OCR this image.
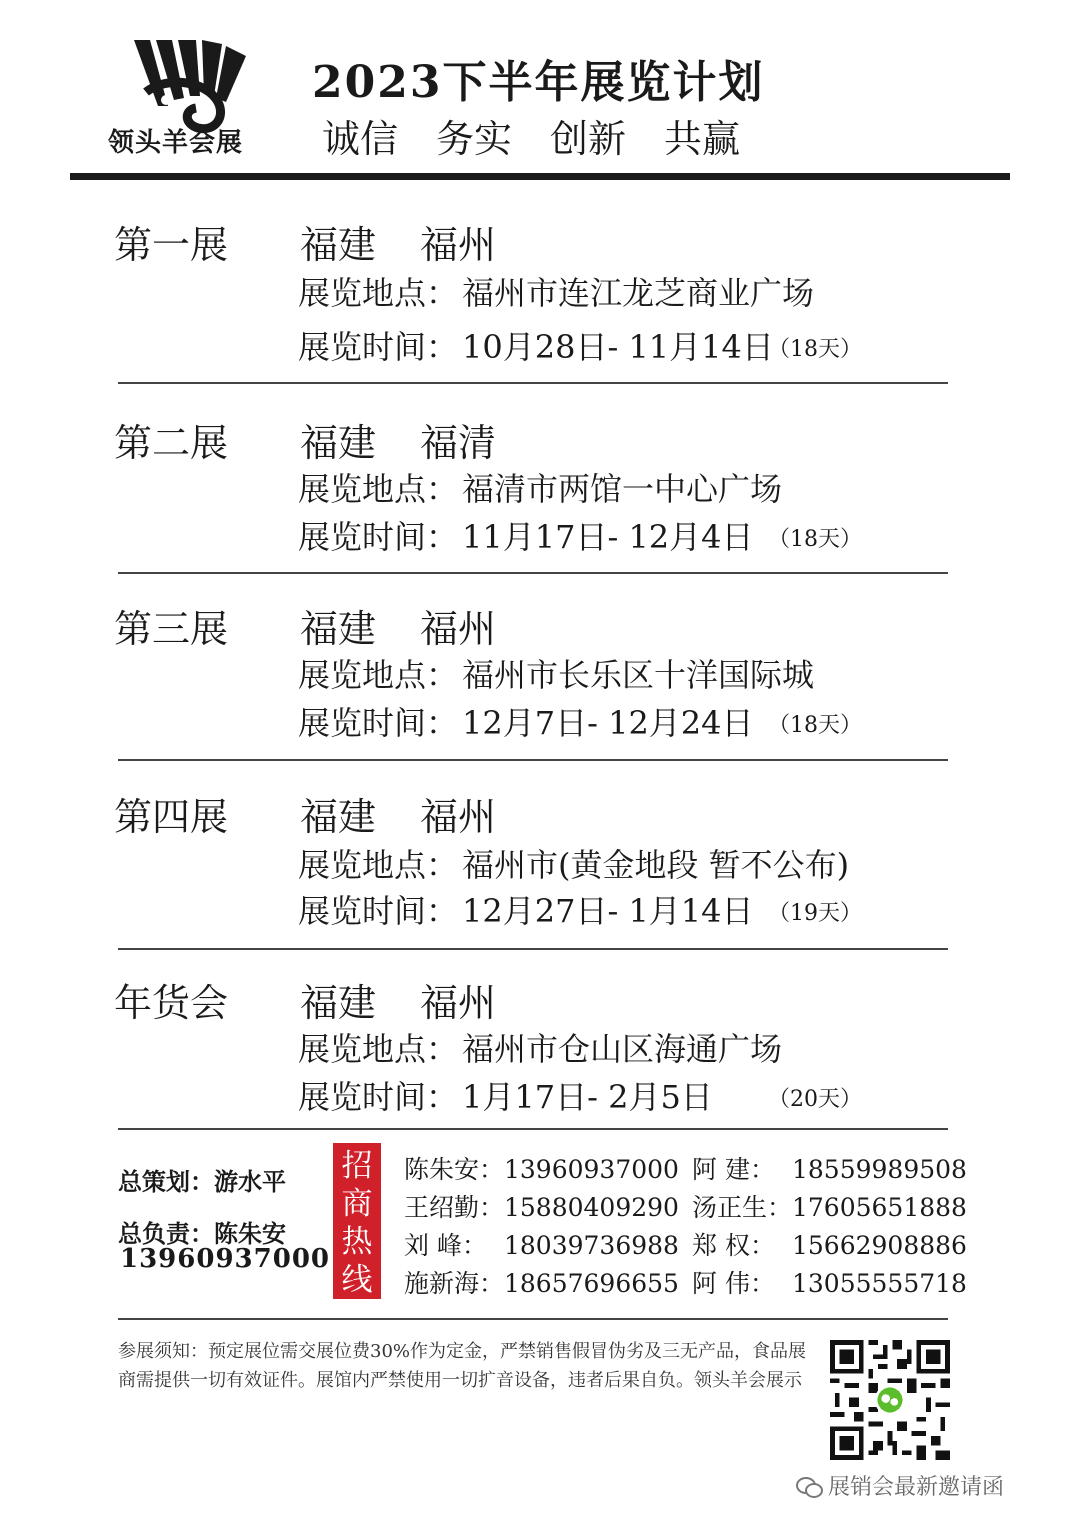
领头羊会展
2023下半年展览计划
诚信 务实 创新 共赢
第一展 福建 福州
展览地点： 福州市连江龙芝商业广场
展览时间： 10月28日- 11月14日
（18天）
第二展 福建 福清
展览地点： 福清市两馆一中心广场
展览时间： 11月17日- 12月4日 （18天）
第三展 福建 福州
展览地点： 福州市长乐区十洋国际城
展览时间： 12月7日- 12月24日 （18天）
第四展 福建 福州
展览地点： 福州市(黄金地段 暂不公布)
展览时间： 12月27日- 1月14日 （19天）
年货会 福建 福州
展览地点： 福州市仓山区海通广场
展览时间： 1月17日- 2月5日	（20天）
总策划：游水平
总负责：陈朱安
13960937000
招商热线
陈朱安：13960937000
王绍勤：15880409290
刘 峰： 18039736988
施新海：18657696655
阿 建： 18559989508
汤正生：17605651888
郑 权： 15662908886
阿 伟： 13055555718
参展须知：预定展位需交展位费30%作为定金，严禁销售假冒伪劣及三无产品，食品展商需提供一切有效证件。展馆内严禁使用一切扩音设备，违者后果自负。领头羊会展示
展销会最新邀请函
